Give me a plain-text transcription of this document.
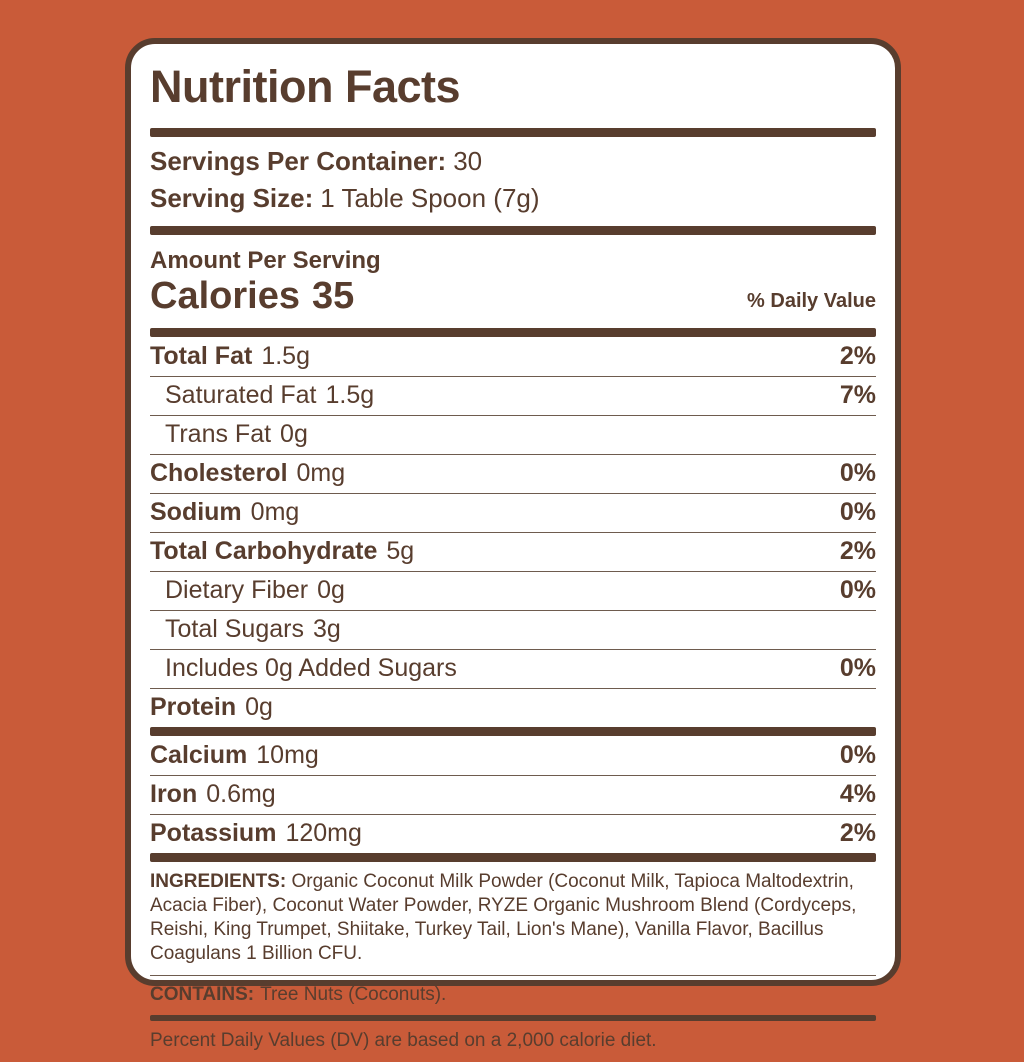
Nutrition Facts
Servings Per Container: 30
Serving Size: 1 Table Spoon (7g)
Amount Per Serving
Calories 35	% Daily Value
Total Fat 1.5g	2%
Saturated Fat 1.5g	7%
Trans Fat 0g
Cholesterol 0mg	0%
Sodium 0mg	0%
Total Carbohydrate 5g	2%
Dietary Fiber 0g	0%
Total Sugars 3g
Includes 0g Added Sugars	0%
Protein 0g
Calcium 10mg	0%
Iron 0.6mg	4%
Potassium 120mg	2%
INGREDIENTS: Organic Coconut Milk Powder (Coconut Milk, Tapioca Maltodextrin, Acacia Fiber), Coconut Water Powder, RYZE Organic Mushroom Blend (Cordyceps, Reishi, King Trumpet, Shiitake, Turkey Tail, Lion's Mane), Vanilla Flavor, Bacillus Coagulans 1 Billion CFU.
CONTAINS: Tree Nuts (Coconuts).
Percent Daily Values (DV) are based on a 2,000 calorie diet.
